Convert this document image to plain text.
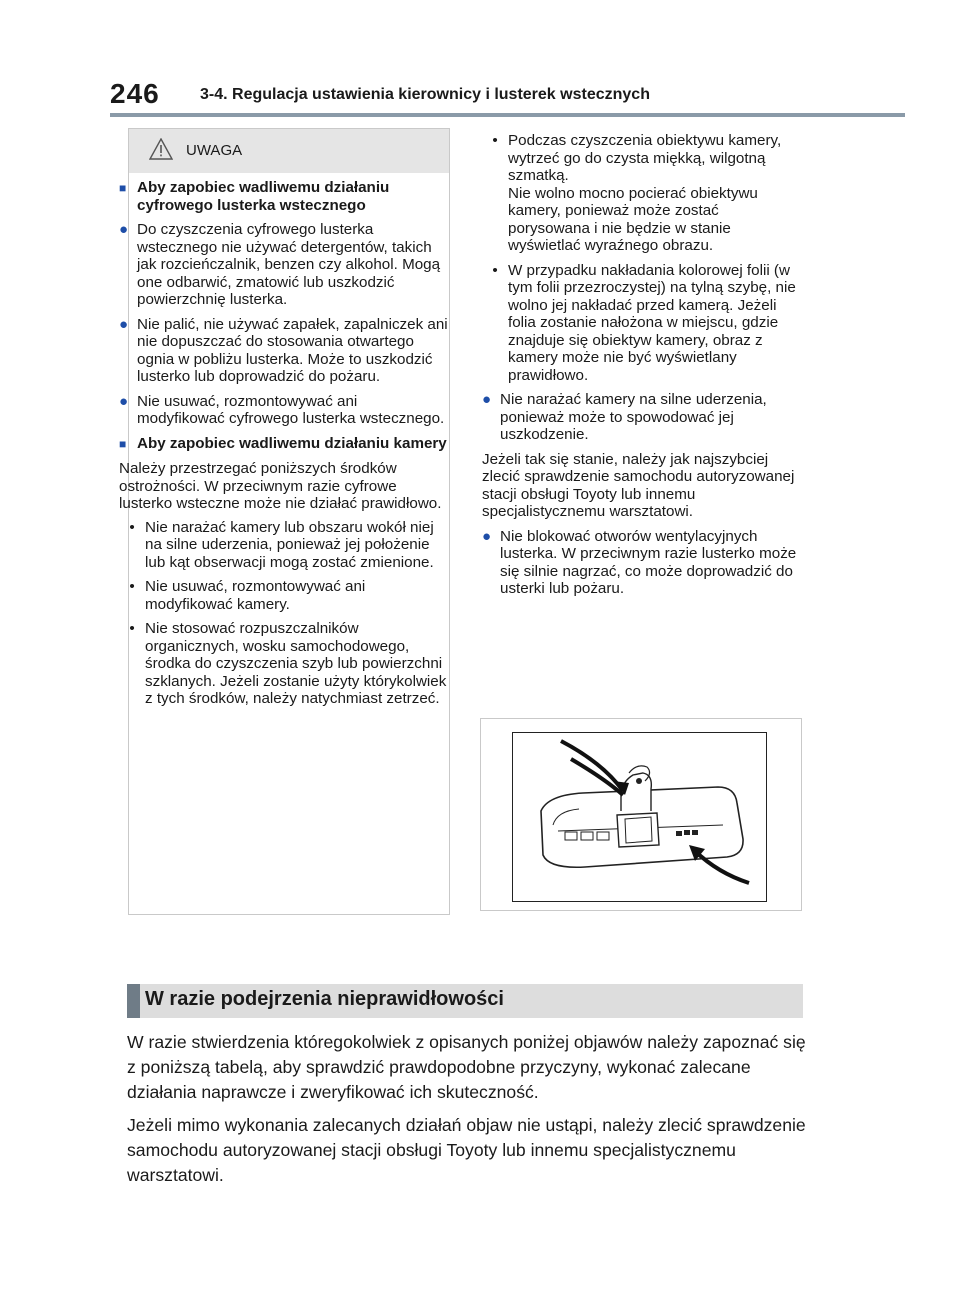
246	3-4. Regulacja ustawienia kierownicy i lusterek wstecznych
UWAGA
■ Aby zapobiec wadliwemu działaniu cyfrowego lusterka wstecznego
● Do czyszczenia cyfrowego lusterka wstecznego nie używać detergentów, takich jak rozcieńczalnik, benzen czy alkohol. Mogą one odbarwić, zmatowić lub uszkodzić powierzchnię lusterka.
● Nie palić, nie używać zapałek, zapalniczek ani nie dopuszczać do stosowania otwartego ognia w pobliżu lusterka. Może to uszkodzić lusterko lub doprowadzić do pożaru.
● Nie usuwać, rozmontowywać ani modyfikować cyfrowego lusterka wstecznego.
■ Aby zapobiec wadliwemu działaniu kamery

Należy przestrzegać poniższych środków ostrożności. W przeciwnym razie cyfrowe lusterko wsteczne może nie działać prawidłowo.

• Nie narażać kamery lub obszaru wokół niej na silne uderzenia, ponieważ jej położenie lub kąt obserwacji mogą zostać zmienione.
• Nie usuwać, rozmontowywać ani modyfikować kamery.
• Nie stosować rozpuszczalników organicznych, wosku samochodowego, środka do czyszczenia szyb lub powierzchni szklanych. Jeżeli zostanie użyty którykolwiek z tych środków, należy natychmiast zetrzeć.
• Podczas czyszczenia obiektywu kamery, wytrzeć go do czysta miękką, wilgotną szmatką.
Nie wolno mocno pocierać obiektywu kamery, ponieważ może zostać porysowana i nie będzie w stanie wyświetlać wyraźnego obrazu.
• W przypadku nakładania kolorowej folii (w tym folii przezroczystej) na tylną szybę, nie wolno jej nakładać przed kamerą. Jeżeli folia zostanie nałożona w miejscu, gdzie znajduje się obiektyw kamery, obraz z kamery może nie być wyświetlany prawidłowo.
● Nie narażać kamery na silne uderzenia, ponieważ może to spowodować jej uszkodzenie.

Jeżeli tak się stanie, należy jak najszybciej zlecić sprawdzenie samochodu autoryzowanej stacji obsługi Toyoty lub innemu specjalistycznemu warsztatowi.

● Nie blokować otworów wentylacyjnych lusterka. W przeciwnym razie lusterko może się silnie nagrzać, co może doprowadzić do usterki lub pożaru.
W razie podejrzenia nieprawidłowości

W razie stwierdzenia któregokolwiek z opisanych poniżej objawów należy zapoznać się z poniższą tabelą, aby sprawdzić prawdopodobne przyczyny, wykonać zalecane działania naprawcze i zweryfikować ich skuteczność.

Jeżeli mimo wykonania zalecanych działań objaw nie ustąpi, należy zlecić sprawdzenie samochodu autoryzowanej stacji obsługi Toyoty lub innemu specjalistycznemu warsztatowi.
